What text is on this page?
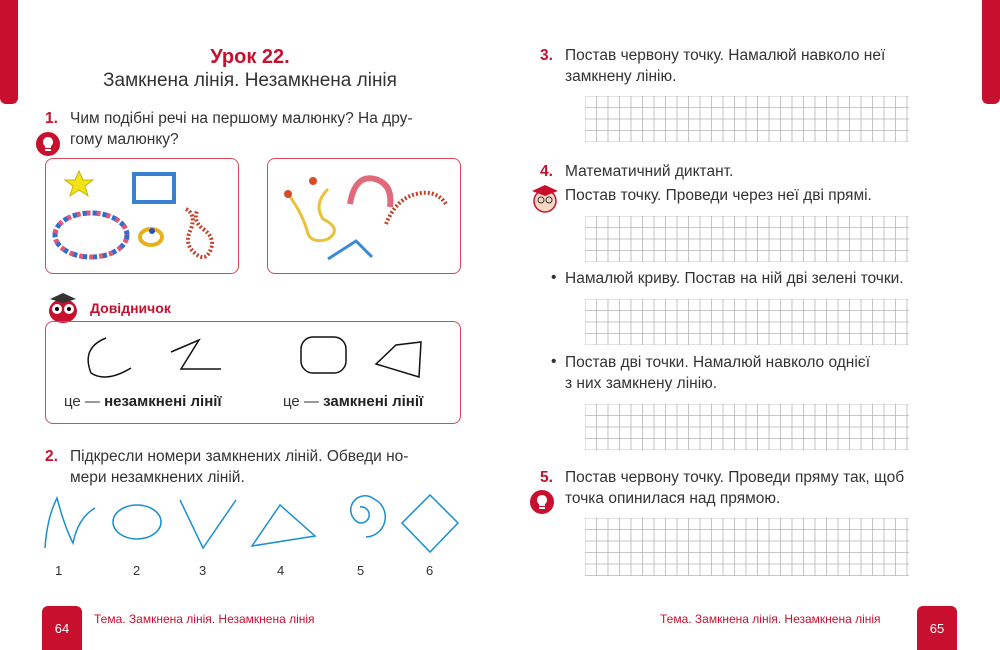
Урок 22.
Замкнена лінія. Незамкнена лінія
1. Чим подібні речі на першому малюнку? На дру-
гому малюнку?
Довідничок
це — незамкнені лінії	це — замкнені лінії
2. Підкресли номери замкнених ліній. Обведи но-
мери незамкнених ліній.
1	2	3	4	5	6
64
Тема. Замкнена лінія. Незамкнена лінія
3. Постав червону точку. Намалюй навколо неї
замкнену лінію.
4. Математичний диктант.
Постав точку. Проведи через неї дві прямі.
• Намалюй криву. Постав на ній дві зелені точки.
• Постав дві точки. Намалюй навколо однієї
з них замкнену лінію.
5. Постав червону точку. Проведи пряму так, щоб
точка опинилася над прямою.
Тема. Замкнена лінія. Незамкнена лінія
65
